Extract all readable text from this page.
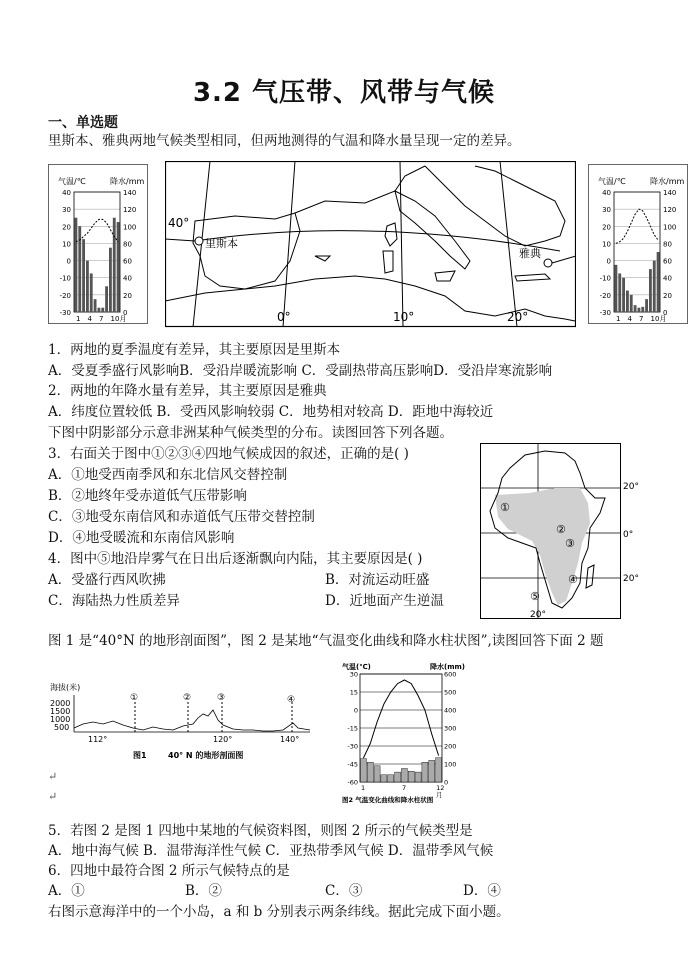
3.2 气压带、风带与气候
一、单选题
里斯本、雅典两地气候类型相同，但两地测得的气温和降水量呈现一定的差异。
气温/℃	降水/mm
40	140
30	120
20	100
10	80
0	60
-10	40
-20	20
-30	0
1 4 7 10月
里斯本
40°
雅典
0°	10°	20°
气温/℃	降水/mm
40	140
30	120
20	100
10	80
0	60
-10	40
-20	20
-30	0
1 4 7 10月
1．两地的夏季温度有差异，其主要原因是里斯本
A．受夏季盛行风影响B．受沿岸暖流影响 C．受副热带高压影响D．受沿岸寒流影响
2．两地的年降水量有差异，其主要原因是雅典
A．纬度位置较低 B．受西风影响较弱 C．地势相对较高 D．距地中海较近
下图中阴影部分示意非洲某种气候类型的分布。读图回答下列各题。
3．右面关于图中①②③④四地气候成因的叙述，正确的是( )
A．①地受西南季风和东北信风交替控制
B．②地终年受赤道低气压带影响
C．③地受东南信风和赤道低气压带交替控制
D．④地受暖流和东南信风影响
4．图中⑤地沿岸雾气在日出后逐渐飘向内陆，其主要原因是( )
A．受盛行西风吹拂	B．对流运动旺盛
C．海陆热力性质差异	D．近地面产生逆温
①
②
③
④
⑤
20°
0°
20°
20°
图 1 是“40°N 的地形剖面图”，图 2 是某地“气温变化曲线和降水柱状图”,读图回答下面 2 题
海拔(米)
2000
1500
1000
500
①	②	③	④
112°	120°	140°
图1	40° N 的地形剖面图
↵
↵
气温(℃)	降水(mm)
30	600
15	500
0	400
-15	300
-30	200
-45	100
-60	0
1	7	12
月
图2 气温变化曲线和降水柱状图
5．若图 2 是图 1 四地中某地的气候资料图，则图 2 所示的气候类型是
A．地中海气候 B．温带海洋性气候 C．亚热带季风气候 D．温带季风气候
6．四地中最符合图 2 所示气候特点的是
A．①	B．②	C．③	D．④
右图示意海洋中的一个小岛，a 和 b 分别表示两条纬线。据此完成下面小题。
